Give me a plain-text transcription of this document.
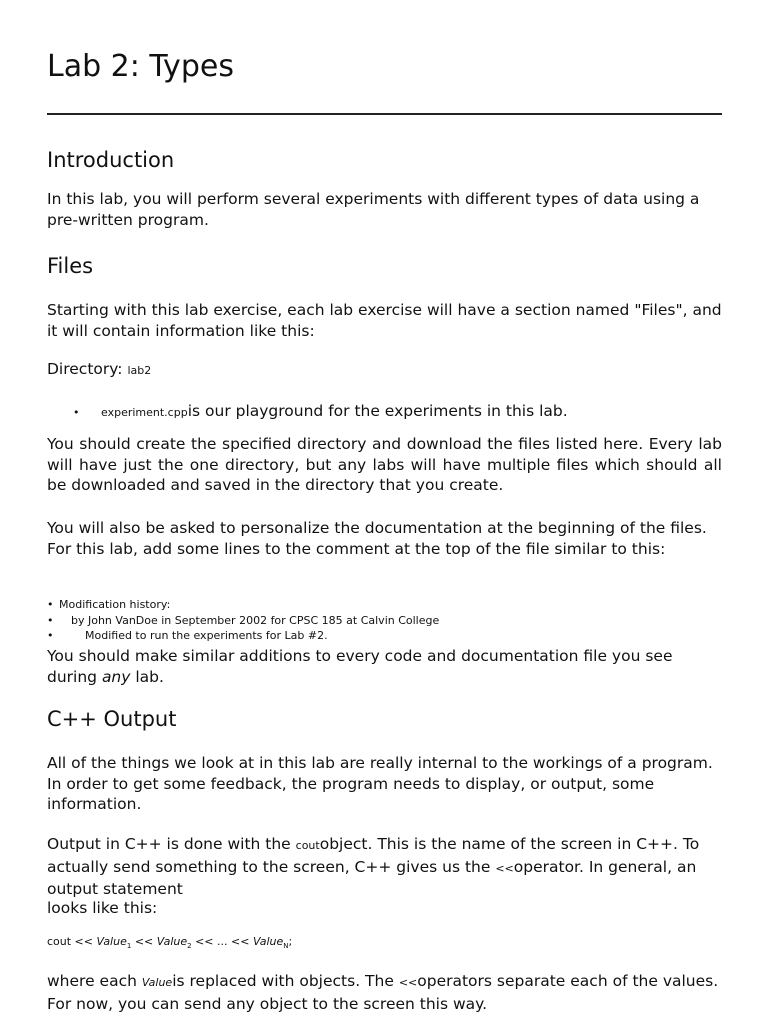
Lab 2: Types
Introduction
In this lab, you will perform several experiments with different types of data using a pre-written program.
Files
Starting with this lab exercise, each lab exercise will have a section named "Files", and it will contain information like this:
Directory: lab2
• experiment.cppis our playground for the experiments in this lab.
You should create the specified directory and download the files listed here. Every lab will have just the one directory, but any labs will have multiple files which should all be downloaded and saved in the directory that you create.
You will also be asked to personalize the documentation at the beginning of the files. For this lab, add some lines to the comment at the top of the file similar to this:
• Modification history:
• by John VanDoe in September 2002 for CPSC 185 at Calvin College
•	Modified to run the experiments for Lab #2.
You should make similar additions to every code and documentation file you see during any lab.
C++ Output
All of the things we look at in this lab are really internal to the workings of a program. In order to get some feedback, the program needs to display, or output, some information.
Output in C++ is done with the coutobject. This is the name of the screen in C++. To actually send something to the screen, C++ gives us the <<operator. In general, an output statement
looks like this:
cout << Value$_1$ << Value$_2$ << ... << Value$_N$;
where each Valueis replaced with objects. The <<operators separate each of the values. For now, you can send any object to the screen this way.
